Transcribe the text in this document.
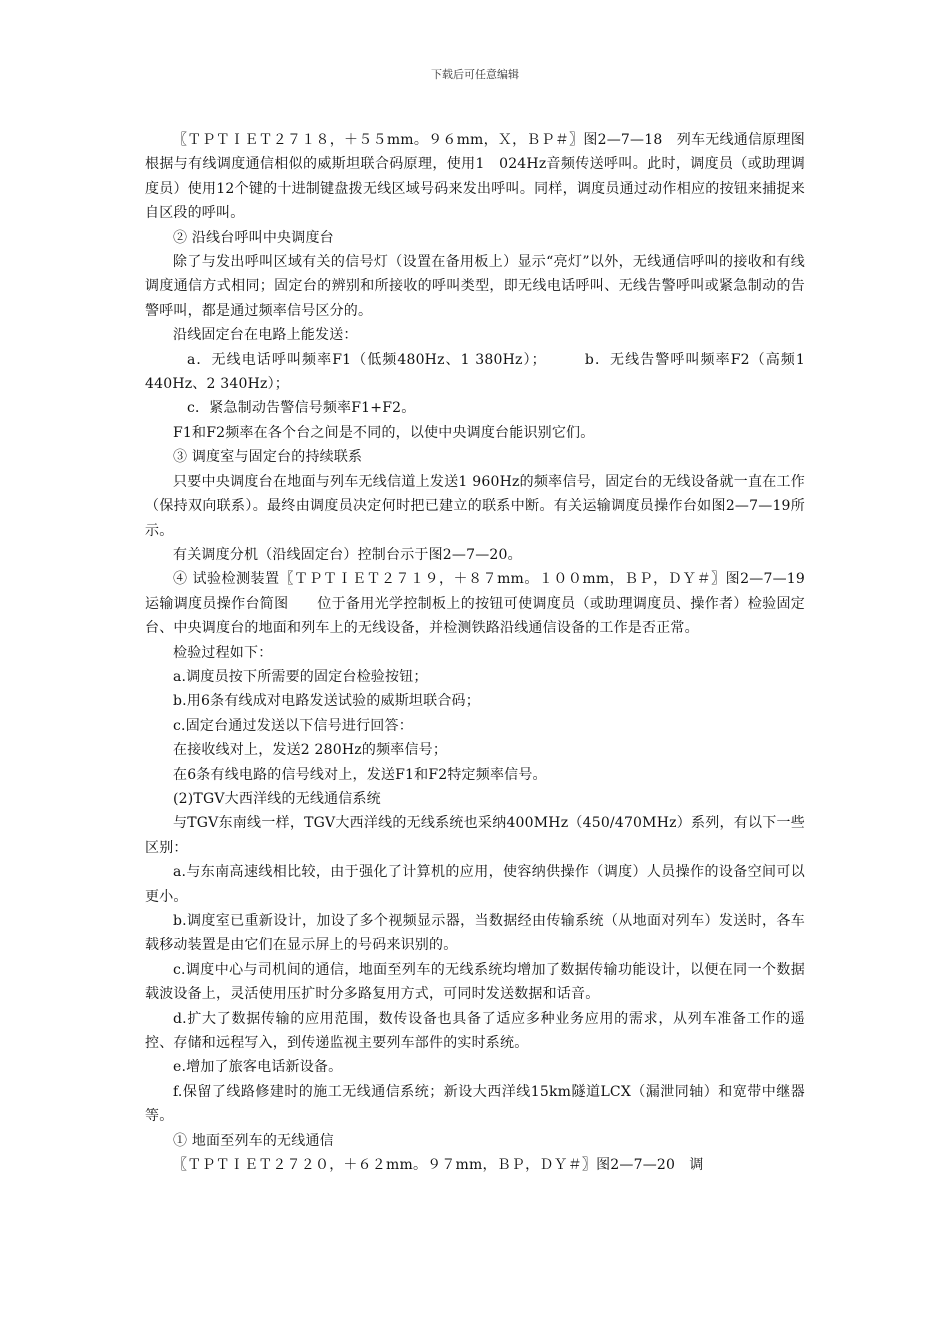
下载后可任意编辑

〖ＴＰＴＩＥＴ２７１８，＋５５mm。９６mm，Ｘ，ＢＰ＃〗图2—7—18　列车无线通信原理图　　根据与有线调度通信相似的威斯坦联合码原理，使用1　024Hz音频传送呼叫。此时，调度员（或助理调度员）使用12个键的十进制键盘拨无线区域号码来发出呼叫。同样，调度员通过动作相应的按钮来捕捉来自区段的呼叫。

② 沿线台呼叫中央调度台

除了与发出呼叫区域有关的信号灯（设置在备用板上）显示“亮灯”以外，无线通信呼叫的接收和有线调度通信方式相同；固定台的辨别和所接收的呼叫类型，即无线电话呼叫、无线告警呼叫或紧急制动的告警呼叫，都是通过频率信号区分的。

沿线固定台在电路上能发送：

a．无线电话呼叫频率F1（低频480Hz、1 380Hz）；　　　b．无线告警呼叫频率F2（高频1 440Hz、2 340Hz）；

c．紧急制动告警信号频率F1+F2。

F1和F2频率在各个台之间是不同的，以使中央调度台能识别它们。

③ 调度室与固定台的持续联系

只要中央调度台在地面与列车无线信道上发送1 960Hz的频率信号，固定台的无线设备就一直在工作（保持双向联系）。最终由调度员决定何时把已建立的联系中断。有关运输调度员操作台如图2—7—19所示。

有关调度分机（沿线固定台）控制台示于图2—7—20。

④ 试验检测装置〖ＴＰＴＩＥＴ２７１９，＋８７mm。１００mm，ＢＰ，ＤＹ＃〗图2—7—19　运输调度员操作台简图　　位于备用光学控制板上的按钮可使调度员（或助理调度员、操作者）检验固定台、中央调度台的地面和列车上的无线设备，并检测铁路沿线通信设备的工作是否正常。

检验过程如下：

a.调度员按下所需要的固定台检验按钮；

b.用6条有线成对电路发送试验的威斯坦联合码；

c.固定台通过发送以下信号进行回答：

在接收线对上，发送2 280Hz的频率信号；

在6条有线电路的信号线对上，发送F1和F2特定频率信号。

(2)TGV大西洋线的无线通信系统

与TGV东南线一样，TGV大西洋线的无线系统也采纳400MHz（450/470MHz）系列，有以下一些区别：

a.与东南高速线相比较，由于强化了计算机的应用，使容纳供操作（调度）人员操作的设备空间可以更小。

b.调度室已重新设计，加设了多个视频显示器，当数据经由传输系统（从地面对列车）发送时，各车载移动装置是由它们在显示屏上的号码来识别的。

c.调度中心与司机间的通信，地面至列车的无线系统均增加了数据传输功能设计，以便在同一个数据载波设备上，灵活使用压扩时分多路复用方式，可同时发送数据和话音。

d.扩大了数据传输的应用范围，数传设备也具备了适应多种业务应用的需求，从列车准备工作的遥控、存储和远程写入，到传递监视主要列车部件的实时系统。

e.增加了旅客电话新设备。

f.保留了线路修建时的施工无线通信系统；新设大西洋线15km隧道LCX（漏泄同轴）和宽带中继器等。

① 地面至列车的无线通信

〖ＴＰＴＩＥＴ２７２０，＋６２mm。９７mm，ＢＰ，ＤＹ＃〗图2—7—20　调
